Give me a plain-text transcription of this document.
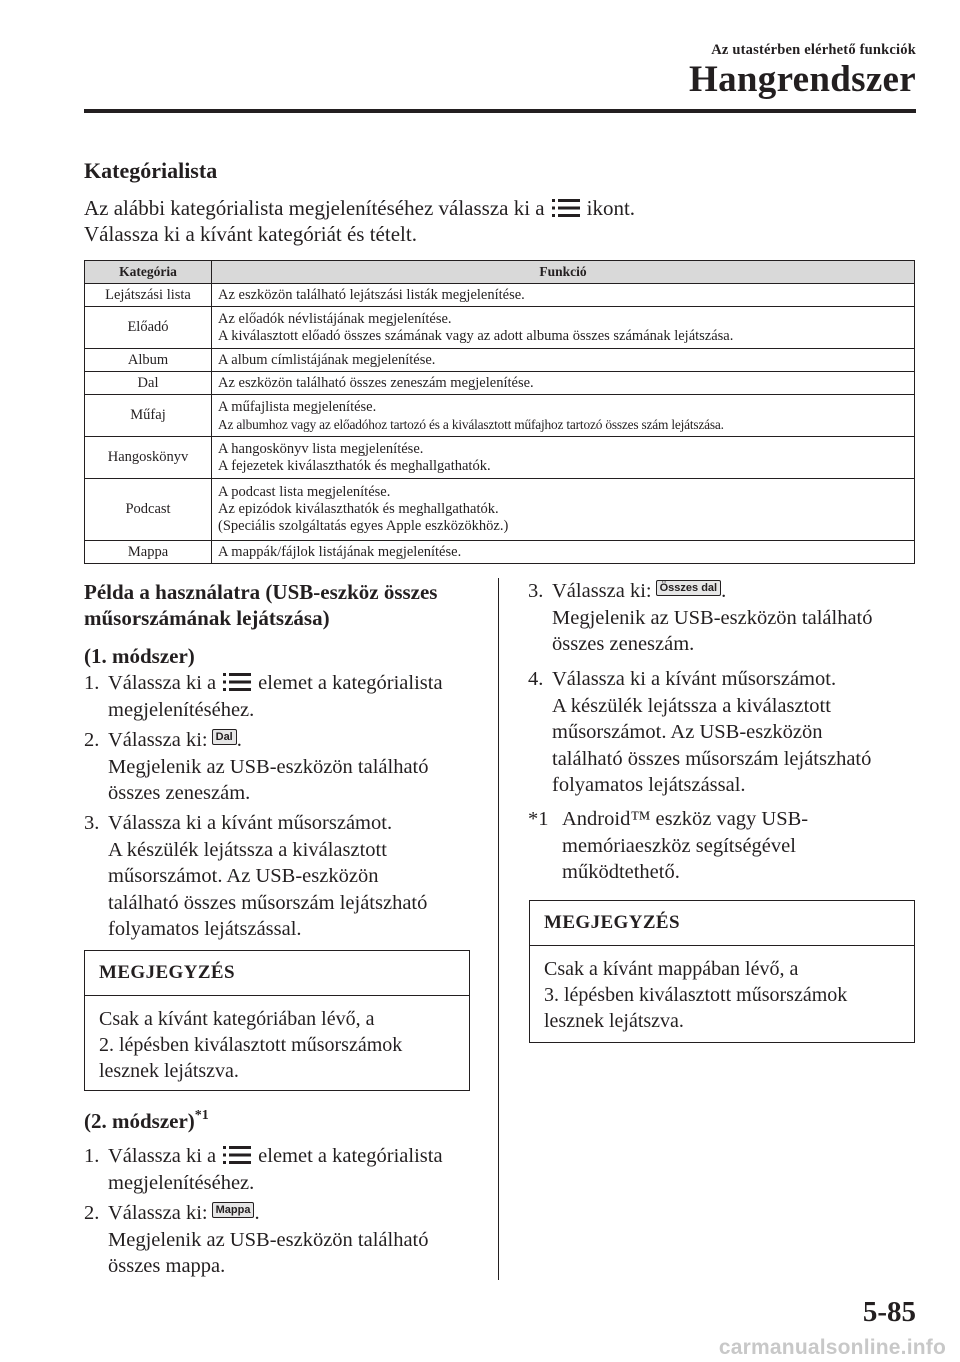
Az utastérben elérhető funkciók
Hangrendszer
Kategórialista
Az alábbi kategórialista megjelenítéséhez válassza ki a ikont.
Válassza ki a kívánt kategóriát és tételt.
Kategória	Funkció
Lejátszási lista	Az eszközön található lejátszási listák megjelenítése.

Előadó	Az előadók névlistájának megjelenítése.
A kiválasztott előadó összes számának vagy az adott albuma összes számának lejátszása.

Album	A album címlistájának megjelenítése.

Dal	Az eszközön található összes zeneszám megjelenítése.

Műfaj	A műfajlista megjelenítése.
Az albumhoz vagy az előadóhoz tartozó és a kiválasztott műfajhoz tartozó összes szám lejátszása.

Hangoskönyv	A hangoskönyv lista megjelenítése.
A fejezetek kiválaszthatók és meghallgathatók.

Podcast	A podcast lista megjelenítése.
Az epizódok kiválaszthatók és meghallgathatók.
(Speciális szolgáltatás egyes Apple eszközökhöz.)

Mappa	A mappák/fájlok listájának megjelenítése.
Példa a használatra (USB-eszköz összes
műsorszámának lejátszása)
(1. módszer)
1. Válassza ki a elemet a kategórialista
megjelenítéséhez.
2. Válassza ki: Dal .
Megjelenik az USB-eszközön található
összes zeneszám.
3. Válassza ki a kívánt műsorszámot.
A készülék lejátssza a kiválasztott
műsorszámot. Az USB-eszközön
található összes műsorszám lejátszható
folyamatos lejátszással.
MEGJEGYZÉS
Csak a kívánt kategóriában lévő, a
2. lépésben kiválasztott műsorszámok
lesznek lejátszva.
(2. módszer)$^{*1}$
1. Válassza ki a elemet a kategórialista
megjelenítéséhez.
2. Válassza ki: Mappa .
Megjelenik az USB-eszközön található
összes mappa.
3. Válassza ki: Összes dal .
Megjelenik az USB-eszközön található
összes zeneszám.
4. Válassza ki a kívánt műsorszámot.
A készülék lejátssza a kiválasztott
műsorszámot. Az USB-eszközön
található összes műsorszám lejátszható
folyamatos lejátszással.
*1 Android™ eszköz vagy USB-
memóriaeszköz segítségével
működtethető.
MEGJEGYZÉS
Csak a kívánt mappában lévő, a
3. lépésben kiválasztott műsorszámok
lesznek lejátszva.
5-85
carmanualsonline.info
